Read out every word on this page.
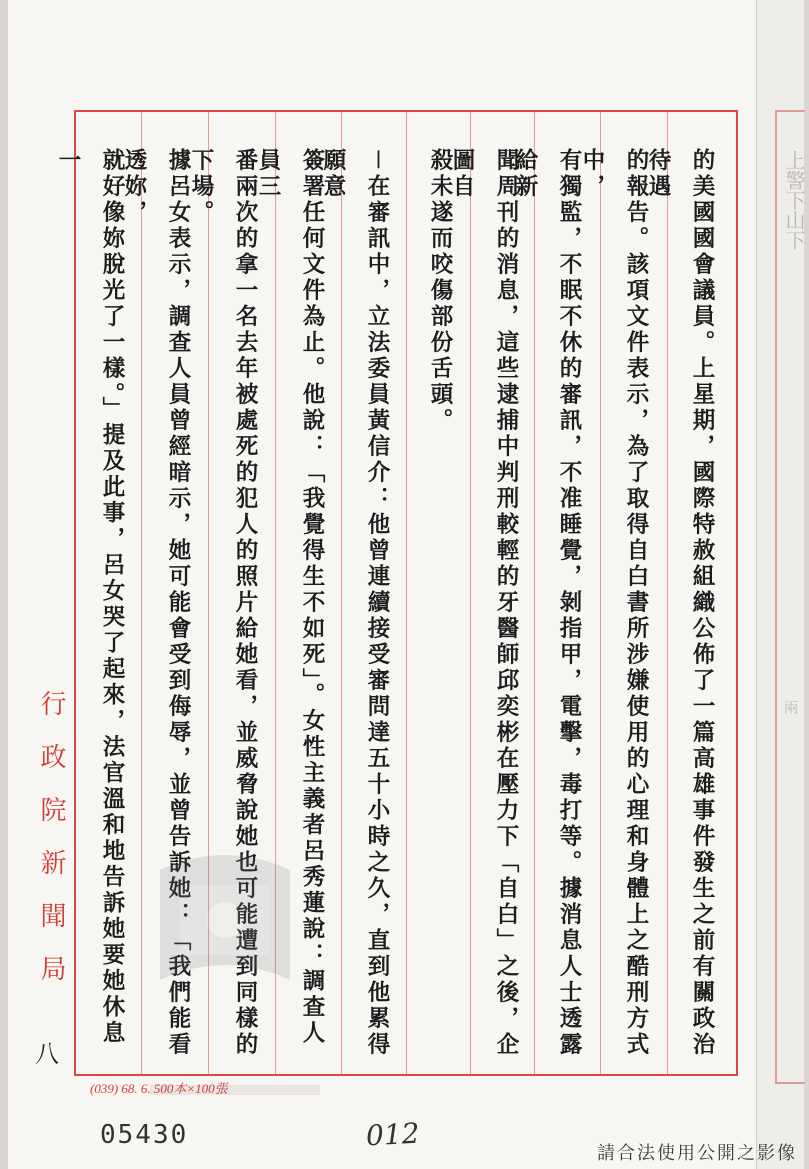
上警下山下
兩
的美國國會議員。上星期，國際特赦組織公佈了一篇高雄事件發生之前有關政治待遇
的報告。該項文件表示，為了取得自白書所涉嫌使用的心理和身體上之酷刑方式中，
有獨監，不眠不休的審訊，不准睡覺，剝指甲，電擊，毒打等。據消息人士透露給新
聞周刊的消息，這些逮捕中判刑較輕的牙醫師邱奕彬在壓力下「自白」之後，企圖自
殺未遂而咬傷部份舌頭。
－在審訊中，立法委員黃信介：他曾連續接受審問達五十小時之久，直到他累得願意
簽署任何文件為止。他說：「我覺得生不如死」。女性主義者呂秀蓮說：調查人員三
番兩次的拿一名去年被處死的犯人的照片給她看，並威脅說她也可能遭到同樣的下場。
據呂女表示，調查人員曾經暗示，她可能會受到侮辱，並曾告訴她：「我們能看透妳，
就好像妳脫光了一樣。」提及此事，呂女哭了起來，法官溫和地告訴她要她休息一
行政院新聞局
八
(039) 68. 6. 500本×100張
05430	012
請合法使用公開之影像
